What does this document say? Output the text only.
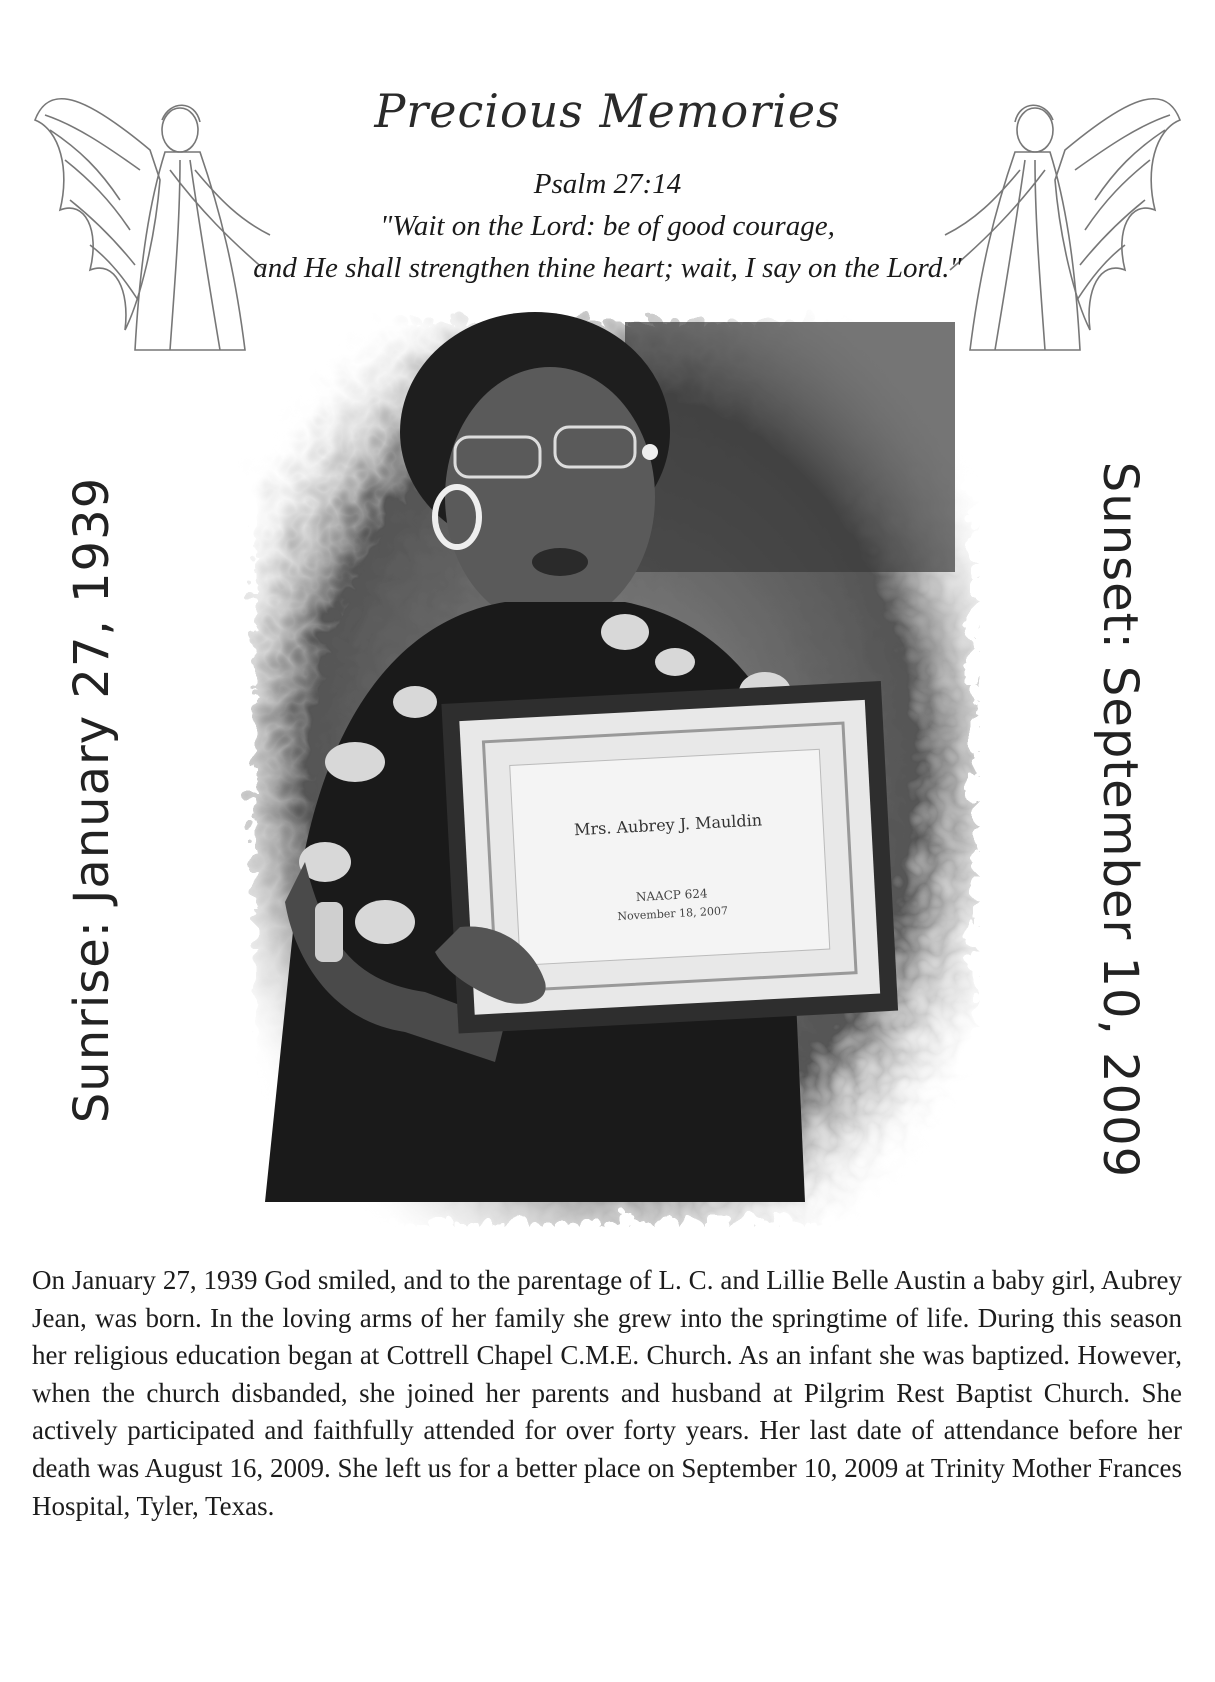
Precious Memories
Psalm 27:14
"Wait on the Lord: be of good courage,
and He shall strengthen thine heart; wait, I say on the Lord."
Sunrise: January 27, 1939	Sunset: September 10, 2009
Mrs. Aubrey J. Mauldin
NAACP 624
November 18, 2007

On January 27, 1939 God smiled, and to the parentage of L. C. and Lillie Belle Austin a baby girl, Aubrey Jean, was born. In the loving arms of her family she grew into the springtime of life. During this season her religious education began at Cottrell Chapel C.M.E. Church. As an infant she was baptized. However, when the church disbanded, she joined her parents and husband at Pilgrim Rest Baptist Church. She actively participated and faithfully attended for over forty years. Her last date of attendance before her death was August 16, 2009. She left us for a better place on September 10, 2009 at Trinity Mother Frances Hospital, Tyler, Texas.
